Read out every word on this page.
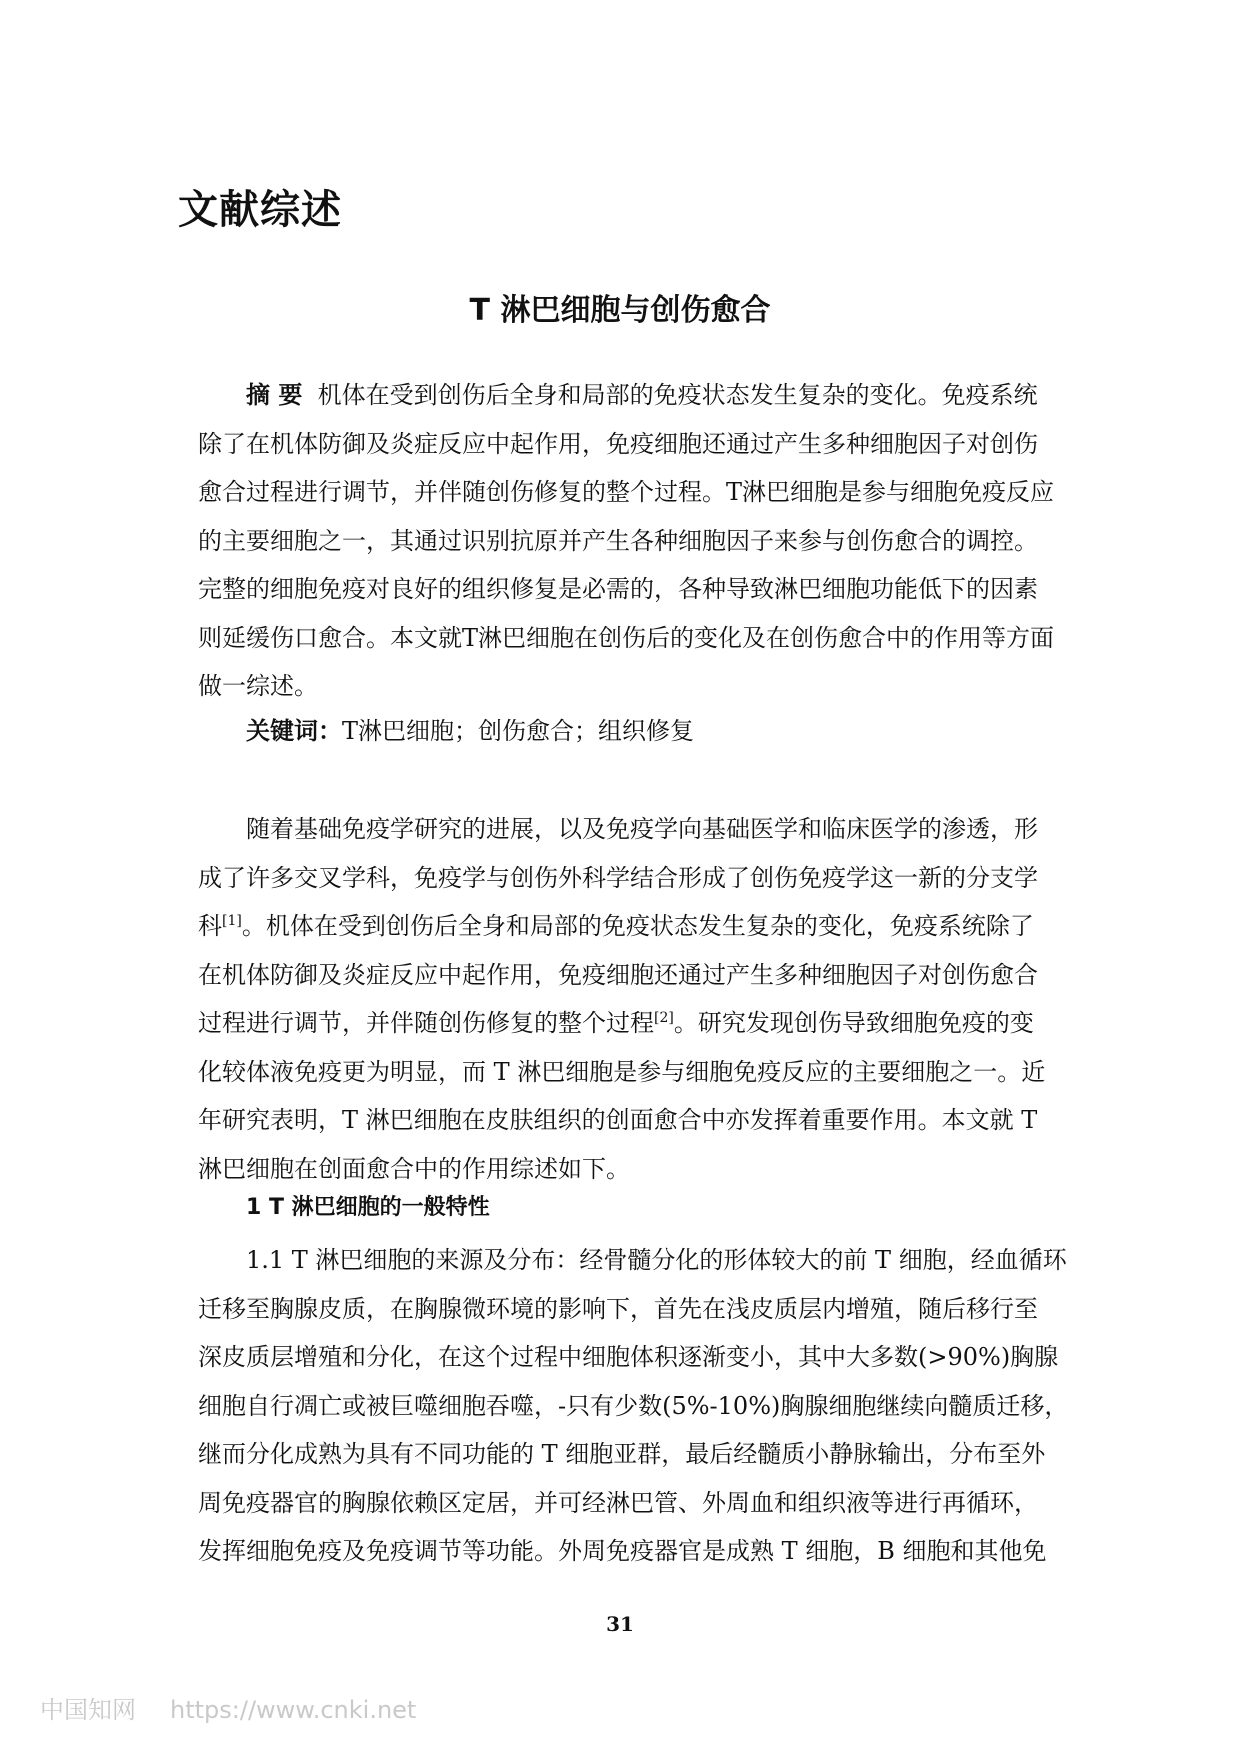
文献综述
T 淋巴细胞与创伤愈合
摘 要 机体在受到创伤后全身和局部的免疫状态发生复杂的变化。免疫系统
除了在机体防御及炎症反应中起作用，免疫细胞还通过产生多种细胞因子对创伤
愈合过程进行调节，并伴随创伤修复的整个过程。T淋巴细胞是参与细胞免疫反应
的主要细胞之一，其通过识别抗原并产生各种细胞因子来参与创伤愈合的调控。
完整的细胞免疫对良好的组织修复是必需的，各种导致淋巴细胞功能低下的因素
则延缓伤口愈合。本文就T淋巴细胞在创伤后的变化及在创伤愈合中的作用等方面
做一综述。
关键词：T淋巴细胞；创伤愈合；组织修复
随着基础免疫学研究的进展，以及免疫学向基础医学和临床医学的渗透，形
成了许多交叉学科，免疫学与创伤外科学结合形成了创伤免疫学这一新的分支学
科[1]。机体在受到创伤后全身和局部的免疫状态发生复杂的变化，免疫系统除了
在机体防御及炎症反应中起作用，免疫细胞还通过产生多种细胞因子对创伤愈合
过程进行调节，并伴随创伤修复的整个过程[2]。研究发现创伤导致细胞免疫的变
化较体液免疫更为明显，而 T 淋巴细胞是参与细胞免疫反应的主要细胞之一。近
年研究表明，T 淋巴细胞在皮肤组织的创面愈合中亦发挥着重要作用。本文就 T
淋巴细胞在创面愈合中的作用综述如下。
1 T 淋巴细胞的一般特性
1.1 T 淋巴细胞的来源及分布：经骨髓分化的形体较大的前 T 细胞，经血循环
迁移至胸腺皮质，在胸腺微环境的影响下，首先在浅皮质层内增殖，随后移行至
深皮质层增殖和分化，在这个过程中细胞体积逐渐变小，其中大多数(>90%)胸腺
细胞自行凋亡或被巨噬细胞吞噬，-只有少数(5%-10%)胸腺细胞继续向髓质迁移，
继而分化成熟为具有不同功能的 T 细胞亚群，最后经髓质小静脉输出，分布至外
周免疫器官的胸腺依赖区定居，并可经淋巴管、外周血和组织液等进行再循环，
发挥细胞免疫及免疫调节等功能。外周免疫器官是成熟 T 细胞，B 细胞和其他免
31
中国知网 https://www.cnki.net
